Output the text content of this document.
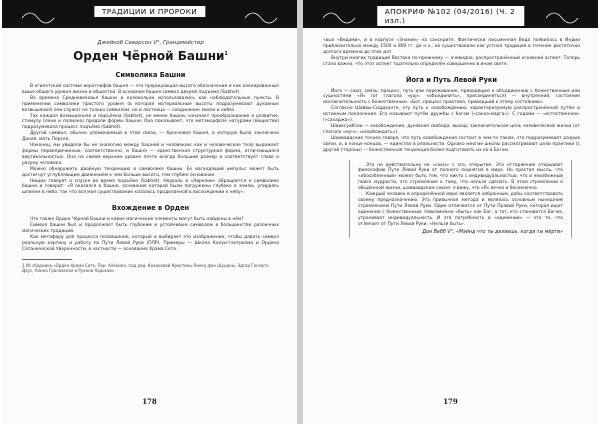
ТРАДИЦИИ И ПРОРОКИ
Джейкоб Северсон V°, Грандмейстер
Орден Чёрной Башни$^1$
Символика Башни

В египетской системе иероглифов башня — это прорицающая высота обозначения и как изолированные выше общего уровня жизни и общества. В основном башня символ дверей подъема (Sabhet).

Во времена Средневековья башни и колокольни использовались как наблюдательные пункты. В применении символики простого уровня (в которой материальные высоты подразумевают духовные возвышения) они служат не только символом, но и лестница — соединение земли и небес.

Так каждая возвышенная и подъёмна (Sabhet), не менее башни, означает преобразование и развитие, стимулу (лени и лолиона) продали формы башни. Она показывает, что метаморфозе натурами (веществе) подразумевала процесс подъёма (Sabhet).

Другой символ, обычно упоминаемый в этой связи, — бронзовая башня, в которую была заключена Даная, мать Персея.

Наконец, мы увидели бы не аналогию между башней и человеком: как и человеческое тело выражает формы первопричинных, соответственно, и башня — единственная структурная форма, отличающаяся вертикальностью. Она на самом верхнем уровне почти всегда больший размер и соответствует главе и разуму человека.

Можно обнаружить двойную тенденцию в символике башни. Ее восходящий импульс может быть достигнут углубляющим движением к чем больше высота, тем глубже основание.

Нищие говорят о спуске во время подъёма (Sabhet). Нерваль в «Аврелии» обращается к символике башни и говорит: «Я оказался в башне, основания которой были погружены глубоко в землю, упираясь шпилем в небо, так что вся моя существование казалось проделанной в восхождении к небу».

Вхождение в Орден

Что также Орден Чёрной Башни и какие магические элементы могут быть найдены в нём?

Символ башни был и продолжает быть глубоким и устойчивым символом в большинстве различных магических традиций.

Как метафору для процесса посвящения, который и выбирает это изображение, чтобы давать символ реальную картину и работу по Пути Левой Руки (ПЛР). Примеры — Школа Калуи-тантризма и Ордена Сатанической Уверенности, в частности — основание Храма Сета.

1 Из сборника «Орден Храма Сета. Пер. Алёхина, под ред. Кохановой Кристины Ринку фон Шуцаны, Эдгар Гонзаго-Доус, Алина Грановская и Рухани Хорьков»

178
АПОКРИФ №102 (04/2016) (Ч. 2 изл.)

«вых «Ведами», и в корпусе «Знание» на санскрите. Фактически письменная Веда появилась в Индии приблизительно между 1500 и 800 гг. до н.э., но существовали как устная традиция в течение достаточно долгого времени до этих дат.

Внутри многих традиций Востока по-прежнему — очевидно, распространённый основной аспект. Теперь стало важно, что этот аспект тщательно определён совершенно в ином свете.

Йога и Путь Левой Руки

Йога — союз, связь; процесс, путь или переживание, приводящее к объединению с божественным или сущностями «Я» (от глагола «yuj», «объединить», присоединяться) — внутренний, состояние исключительность с божественным. «Бог, процесс практика, приведший к этому состоянию».

Согласно Шайвы-Сиддханте, эту путь к освобождению, характеризуемую распространённой путём и истинным поклонения. Его называют путём дружбы с богом («сакха-марга»). С годами — «естественное» («сахаджа»).

Шаиксуибсии — освобождение, духовная свобода, выход; заключительная цель человеческой жизни (от глагола «муч», «освобождать»).

Шаиваидские точнее говоря, что путь освобождения состоит в чем-то таком, что подразумевает разрыв связи, и, в конце концов, — единство в реальности. Однако многие школы рассматривают цели практики (с другой стороны) — божественная тенденция более подготовить их ко в Богом.

Это не действительно не «союз» с эго, открытие. Это отторжение открывает философию Пути Левой Руки от полного поднятия в мире. Но простая мысль, что «обособленный» может быть тем, что никто с индивидуальностью, что и неизбежный поиск мудрости, это стремление к тому, что нельзя сделать. В этом стремлении к обыденной жизни, шаиваидском союзе: я вижу, что «Я» вечно и бесконечно.

Каждый человек в определённой мере является избранным, дабы соответствовать своему предназначению. Эта привычная метода и являлась основным нынешним стремлением Пути Левой Руки. Один отличается от Пути Правой Руки, которая ищет единения с божественным. Невозможно «быть» как Бог, а тот, кто становится Богом, утрачивает индивидуальность. И эта потребность в «единении» — это то, что отличает от Пути Левой Руки. «Нельзя быть».

Дон Вебб V°, «Мэйнд что ты делаешь, когда ты мёртв»
179
